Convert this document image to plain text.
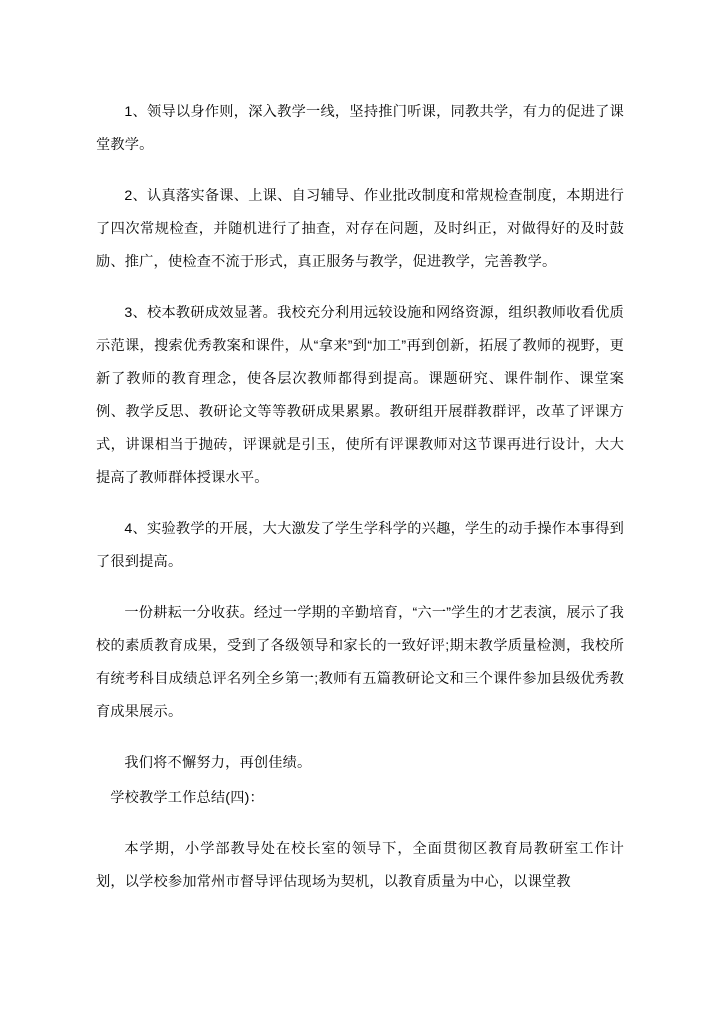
1、领导以身作则，深入教学一线，坚持推门听课，同教共学，有力的促进了课堂教学。

2、认真落实备课、上课、自习辅导、作业批改制度和常规检查制度，本期进行了四次常规检查，并随机进行了抽查，对存在问题，及时纠正，对做得好的及时鼓励、推广，使检查不流于形式，真正服务与教学，促进教学，完善教学。

3、校本教研成效显著。我校充分利用远较设施和网络资源，组织教师收看优质示范课，搜索优秀教案和课件，从“拿来”到“加工”再到创新，拓展了教师的视野，更新了教师的教育理念，使各层次教师都得到提高。课题研究、课件制作、课堂案例、教学反思、教研论文等等教研成果累累。教研组开展群教群评，改革了评课方式，讲课相当于抛砖，评课就是引玉，使所有评课教师对这节课再进行设计，大大提高了教师群体授课水平。

4、实验教学的开展，大大激发了学生学科学的兴趣，学生的动手操作本事得到了很到提高。

一份耕耘一分收获。经过一学期的辛勤培育，“六一”学生的才艺表演，展示了我校的素质教育成果，受到了各级领导和家长的一致好评;期末教学质量检测，我校所有统考科目成绩总评名列全乡第一;教师有五篇教研论文和三个课件参加县级优秀教育成果展示。

我们将不懈努力，再创佳绩。

学校教学工作总结(四)：

本学期，小学部教导处在校长室的领导下，全面贯彻区教育局教研室工作计划，以学校参加常州市督导评估现场为契机，以教育质量为中心，以课堂教
